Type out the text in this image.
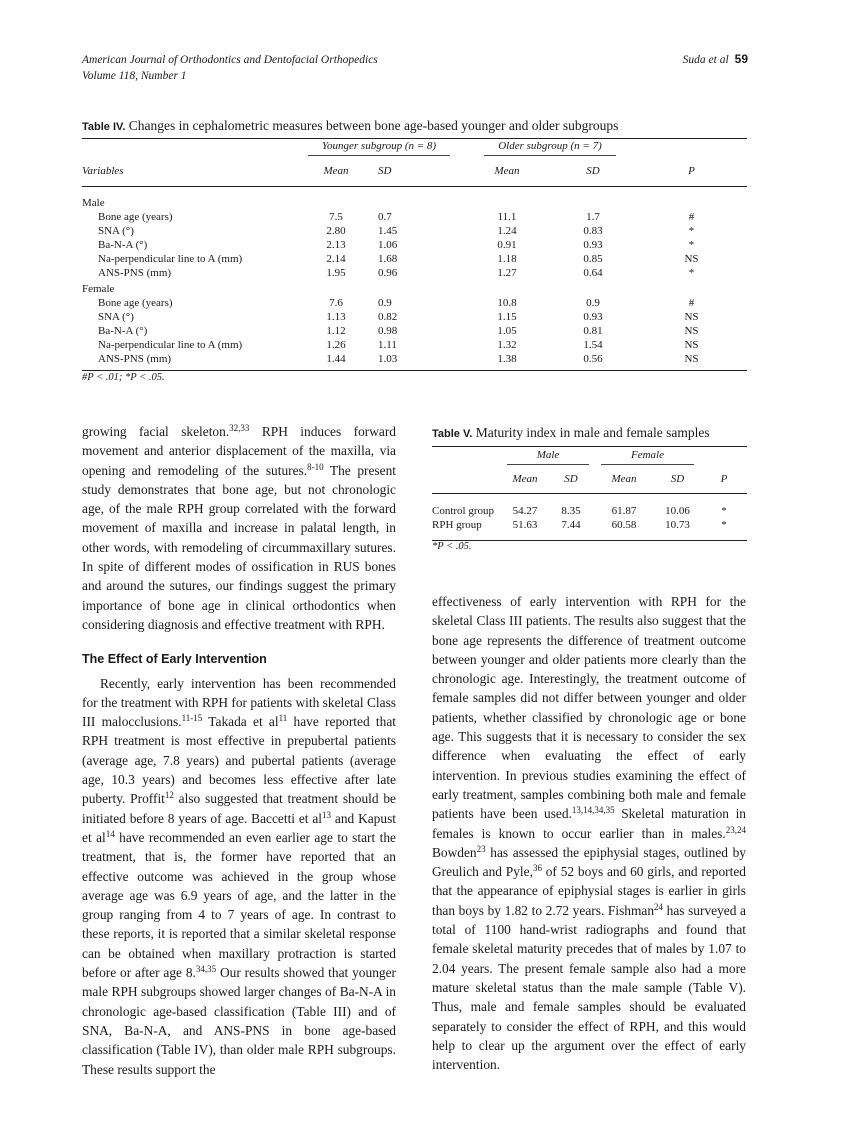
American Journal of Orthodontics and Dentofacial Orthopedics
Volume 118, Number 1
Suda et al 59
Table IV. Changes in cephalometric measures between bone age-based younger and older subgroups

	Younger subgroup (n = 8)		Older subgroup (n = 7)		
Variables	Mean	SD	Mean	SD	P
Male					
Bone age (years)	7.5	0.7	11.1	1.7	#
SNA (°)	2.80	1.45	1.24	0.83	*
Ba-N-A (°)	2.13	1.06	0.91	0.93	*
Na-perpendicular line to A (mm)	2.14	1.68	1.18	0.85	NS
ANS-PNS (mm)	1.95	0.96	1.27	0.64	*
Female					
Bone age (years)	7.6	0.9	10.8	0.9	#
SNA (°)	1.13	0.82	1.15	0.93	NS
Ba-N-A (°)	1.12	0.98	1.05	0.81	NS
Na-perpendicular line to A (mm)	1.26	1.11	1.32	1.54	NS
ANS-PNS (mm)	1.44	1.03	1.38	0.56	NS
#P < .01; *P < .05.

growing facial skeleton.$^{32,33}$ RPH induces forward movement and anterior displacement of the maxilla, via opening and remodeling of the sutures.$^{8-10}$ The present study demonstrates that bone age, but not chronologic age, of the male RPH group correlated with the forward movement of maxilla and increase in palatal length, in other words, with remodeling of circummaxillary sutures. In spite of different modes of ossification in RUS bones and around the sutures, our findings suggest the primary importance of bone age in clinical orthodontics when considering diagnosis and effective treatment with RPH.

The Effect of Early Intervention

Recently, early intervention has been recommended for the treatment with RPH for patients with skeletal Class III malocclusions.$^{11-15}$ Takada et $al^{11}$ have reported that RPH treatment is most effective in prepubertal patients (average age, 7.8 years) and pubertal patients (average age, 10.3 years) and becomes less effective after late puberty. Proffit$^{12}$ also suggested that treatment should be initiated before 8 years of age. Baccetti et $al^{13}$ and Kapust et $al^{14}$ have recommended an even earlier age to start the treatment, that is, the former have reported that an effective outcome was achieved in the group whose average age was 6.9 years of age, and the latter in the group ranging from 4 to 7 years of age. In contrast to these reports, it is reported that a similar skeletal response can be obtained when maxillary protraction is started before or after age 8.$^{34,35}$ Our results showed that younger male RPH subgroups showed larger changes of Ba-N-A in chronologic age-based classification (Table III) and of SNA, Ba-N-A, and ANS-PNS in bone age-based classification (Table IV), than older male RPH subgroups. These results support the

Table V. Maturity index in male and female samples

	Male		Female		
	Mean	SD	Mean	SD	P
Control group	54.27	8.35	61.87	10.06	*
RPH group	51.63	7.44	60.58	10.73	*
*P < .05.

effectiveness of early intervention with RPH for the skeletal Class III patients. The results also suggest that the bone age represents the difference of treatment outcome between younger and older patients more clearly than the chronologic age. Interestingly, the treatment outcome of female samples did not differ between younger and older patients, whether classified by chronologic age or bone age. This suggests that it is necessary to consider the sex difference when evaluating the effect of early intervention. In previous studies examining the effect of early treatment, samples combining both male and female patients have been used.$^{13,14,34,35}$ Skeletal maturation in females is known to occur earlier than in males.$^{23,24}$ Bowden$^{23}$ has assessed the epiphysial stages, outlined by Greulich and Pyle,$^{36}$ of 52 boys and 60 girls, and reported that the appearance of epiphysial stages is earlier in girls than boys by 1.82 to 2.72 years. Fishman$^{24}$ has surveyed a total of 1100 hand-wrist radiographs and found that female skeletal maturity precedes that of males by 1.07 to 2.04 years. The present female sample also had a more mature skeletal status than the male sample (Table V). Thus, male and female samples should be evaluated separately to consider the effect of RPH, and this would help to clear up the argument over the effect of early intervention.
